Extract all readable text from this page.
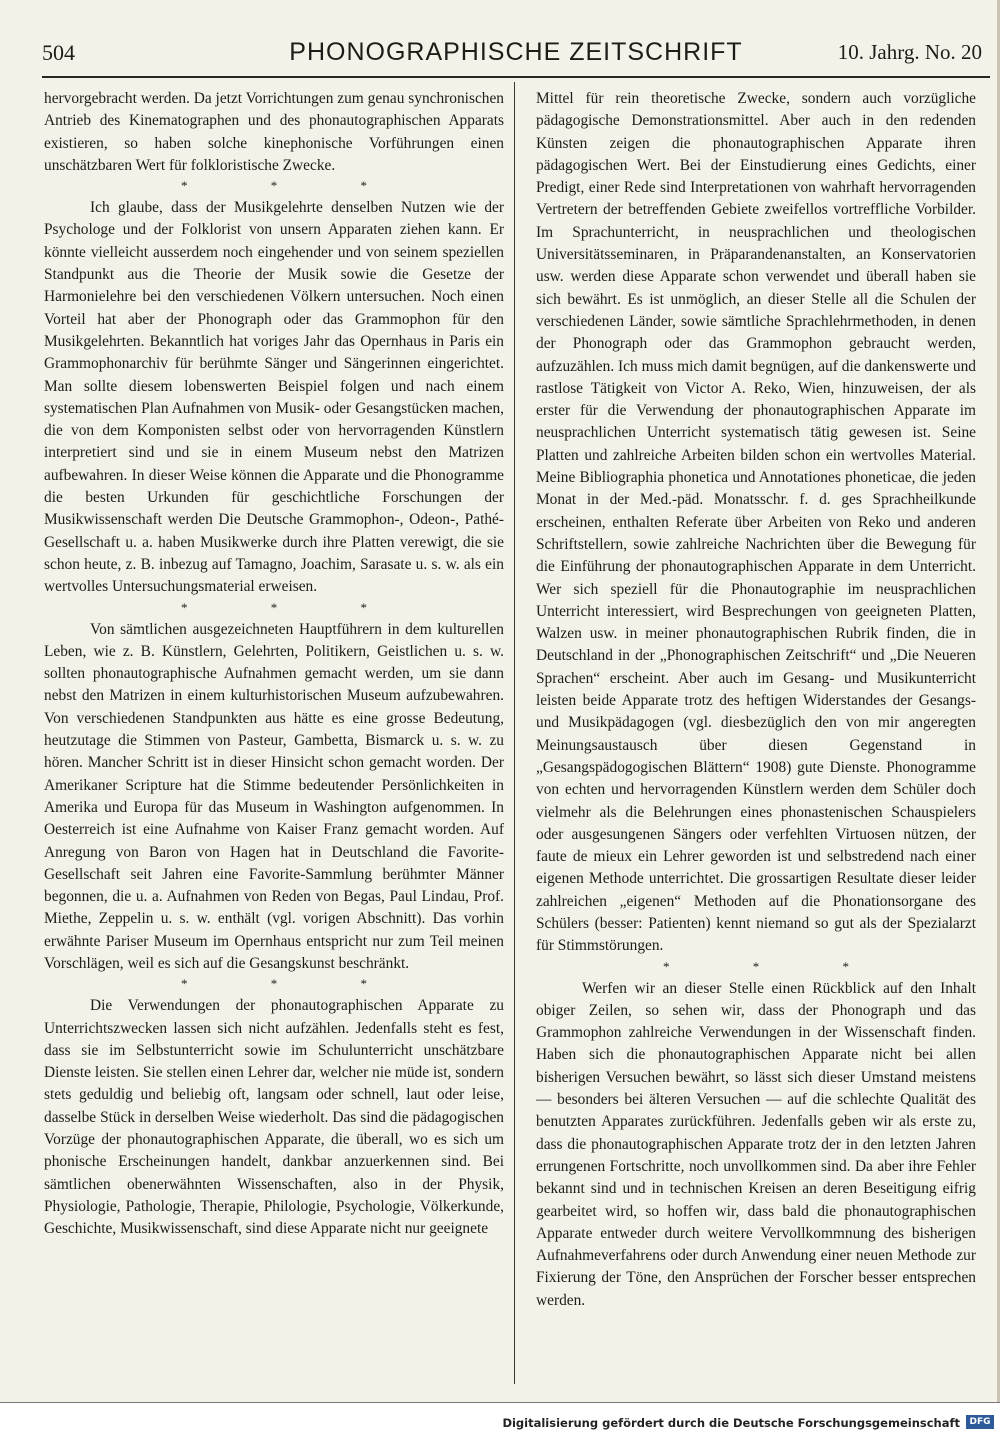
504	PHONOGRAPHISCHE ZEITSCHRIFT	10. Jahrg. No. 20

hervorgebracht werden. Da jetzt Vorrichtungen zum genau synchronischen Antrieb des Kinematographen und des phonautographischen Apparats existieren, so haben solche kinephonische Vorführungen einen unschätzbaren Wert für folkloristische Zwecke.

* * *

Ich glaube, dass der Musikgelehrte denselben Nutzen wie der Psychologe und der Folklorist von unsern Apparaten ziehen kann. Er könnte vielleicht ausserdem noch eingehender und von seinem speziellen Standpunkt aus die Theorie der Musik sowie die Gesetze der Harmonielehre bei den verschiedenen Völkern untersuchen. Noch einen Vorteil hat aber der Phonograph oder das Grammophon für den Musikgelehrten. Bekanntlich hat voriges Jahr das Opernhaus in Paris ein Grammophonarchiv für berühmte Sänger und Sängerinnen eingerichtet. Man sollte diesem lobenswerten Beispiel folgen und nach einem systematischen Plan Aufnahmen von Musik- oder Gesangstücken machen, die von dem Komponisten selbst oder von hervorragenden Künstlern interpretiert sind und sie in einem Museum nebst den Matrizen aufbewahren. In dieser Weise können die Apparate und die Phonogramme die besten Urkunden für geschichtliche Forschungen der Musikwissenschaft werden Die Deutsche Grammophon-, Odeon-, Pathé-Gesellschaft u. a. haben Musikwerke durch ihre Platten verewigt, die sie schon heute, z. B. inbezug auf Tamagno, Joachim, Sarasate u. s. w. als ein wertvolles Untersuchungsmaterial erweisen.

* * *

Von sämtlichen ausgezeichneten Hauptführern in dem kulturellen Leben, wie z. B. Künstlern, Gelehrten, Politikern, Geistlichen u. s. w. sollten phonautographische Aufnahmen gemacht werden, um sie dann nebst den Matrizen in einem kulturhistorischen Museum aufzubewahren. Von verschiedenen Standpunkten aus hätte es eine grosse Bedeutung, heutzutage die Stimmen von Pasteur, Gambetta, Bismarck u. s. w. zu hören. Mancher Schritt ist in dieser Hinsicht schon gemacht worden. Der Amerikaner Scripture hat die Stimme bedeutender Persönlichkeiten in Amerika und Europa für das Museum in Washington aufgenommen. In Oesterreich ist eine Aufnahme von Kaiser Franz gemacht worden. Auf Anregung von Baron von Hagen hat in Deutschland die Favorite-Gesellschaft seit Jahren eine Favorite-Sammlung berühmter Männer begonnen, die u. a. Aufnahmen von Reden von Begas, Paul Lindau, Prof. Miethe, Zeppelin u. s. w. enthält (vgl. vorigen Abschnitt). Das vorhin erwähnte Pariser Museum im Opernhaus entspricht nur zum Teil meinen Vorschlägen, weil es sich auf die Gesangskunst beschränkt.

* * *

Die Verwendungen der phonautographischen Apparate zu Unterrichtszwecken lassen sich nicht aufzählen. Jedenfalls steht es fest, dass sie im Selbstunterricht sowie im Schulunterricht unschätzbare Dienste leisten. Sie stellen einen Lehrer dar, welcher nie müde ist, sondern stets geduldig und beliebig oft, langsam oder schnell, laut oder leise, dasselbe Stück in derselben Weise wiederholt. Das sind die pädagogischen Vorzüge der phonautographischen Apparate, die überall, wo es sich um phonische Erscheinungen handelt, dankbar anzuerkennen sind. Bei sämtlichen obenerwähnten Wissenschaften, also in der Physik, Physiologie, Pathologie, Therapie, Philologie, Psychologie, Völkerkunde, Geschichte, Musikwissenschaft, sind diese Apparate nicht nur geeignete

Mittel für rein theoretische Zwecke, sondern auch vorzügliche pädagogische Demonstrationsmittel. Aber auch in den redenden Künsten zeigen die phonautographischen Apparate ihren pädagogischen Wert. Bei der Einstudierung eines Gedichts, einer Predigt, einer Rede sind Interpretationen von wahrhaft hervorragenden Vertretern der betreffenden Gebiete zweifellos vortreffliche Vorbilder. Im Sprachunterricht, in neusprachlichen und theologischen Universitätsseminaren, in Präparandenanstalten, an Konservatorien usw. werden diese Apparate schon verwendet und überall haben sie sich bewährt. Es ist unmöglich, an dieser Stelle all die Schulen der verschiedenen Länder, sowie sämtliche Sprachlehrmethoden, in denen der Phonograph oder das Grammophon gebraucht werden, aufzuzählen. Ich muss mich damit begnügen, auf die dankenswerte und rastlose Tätigkeit von Victor A. Reko, Wien, hinzuweisen, der als erster für die Verwendung der phonautographischen Apparate im neusprachlichen Unterricht systematisch tätig gewesen ist. Seine Platten und zahlreiche Arbeiten bilden schon ein wertvolles Material. Meine Bibliographia phonetica und Annotationes phoneticae, die jeden Monat in der Med.-päd. Monatsschr. f. d. ges Sprachheilkunde erscheinen, enthalten Referate über Arbeiten von Reko und anderen Schriftstellern, sowie zahlreiche Nachrichten über die Bewegung für die Einführung der phonautographischen Apparate in dem Unterricht. Wer sich speziell für die Phonautographie im neusprachlichen Unterricht interessiert, wird Besprechungen von geeigneten Platten, Walzen usw. in meiner phonautographischen Rubrik finden, die in Deutschland in der „Phonographischen Zeitschrift“ und „Die Neueren Sprachen“ erscheint. Aber auch im Gesang- und Musikunterricht leisten beide Apparate trotz des heftigen Widerstandes der Gesangs- und Musikpädagogen (vgl. diesbezüglich den von mir angeregten Meinungsaustausch über diesen Gegenstand in „Gesangspädogogischen Blättern“ 1908) gute Dienste. Phonogramme von echten und hervorragenden Künstlern werden dem Schüler doch vielmehr als die Belehrungen eines phonastenischen Schauspielers oder ausgesungenen Sängers oder verfehlten Virtuosen nützen, der faute de mieux ein Lehrer geworden ist und selbstredend nach einer eigenen Methode unterrichtet. Die grossartigen Resultate dieser leider zahlreichen „eigenen“ Methoden auf die Phonationsorgane des Schülers (besser: Patienten) kennt niemand so gut als der Spezialarzt für Stimmstörungen.

* * *

Werfen wir an dieser Stelle einen Rückblick auf den Inhalt obiger Zeilen, so sehen wir, dass der Phonograph und das Grammophon zahlreiche Verwendungen in der Wissenschaft finden. Haben sich die phonautographischen Apparate nicht bei allen bisherigen Versuchen bewährt, so lässt sich dieser Umstand meistens — besonders bei älteren Versuchen — auf die schlechte Qualität des benutzten Apparates zurückführen. Jedenfalls geben wir als erste zu, dass die phonautographischen Apparate trotz der in den letzten Jahren errungenen Fortschritte, noch unvollkommen sind. Da aber ihre Fehler bekannt sind und in technischen Kreisen an deren Beseitigung eifrig gearbeitet wird, so hoffen wir, dass bald die phonautographischen Apparate entweder durch weitere Vervollkommnung des bisherigen Aufnahmeverfahrens oder durch Anwendung einer neuen Methode zur Fixierung der Töne, den Ansprüchen der Forscher besser entsprechen werden.

Digitalisierung gefördert durch die Deutsche Forschungsgemeinschaft	DFG
